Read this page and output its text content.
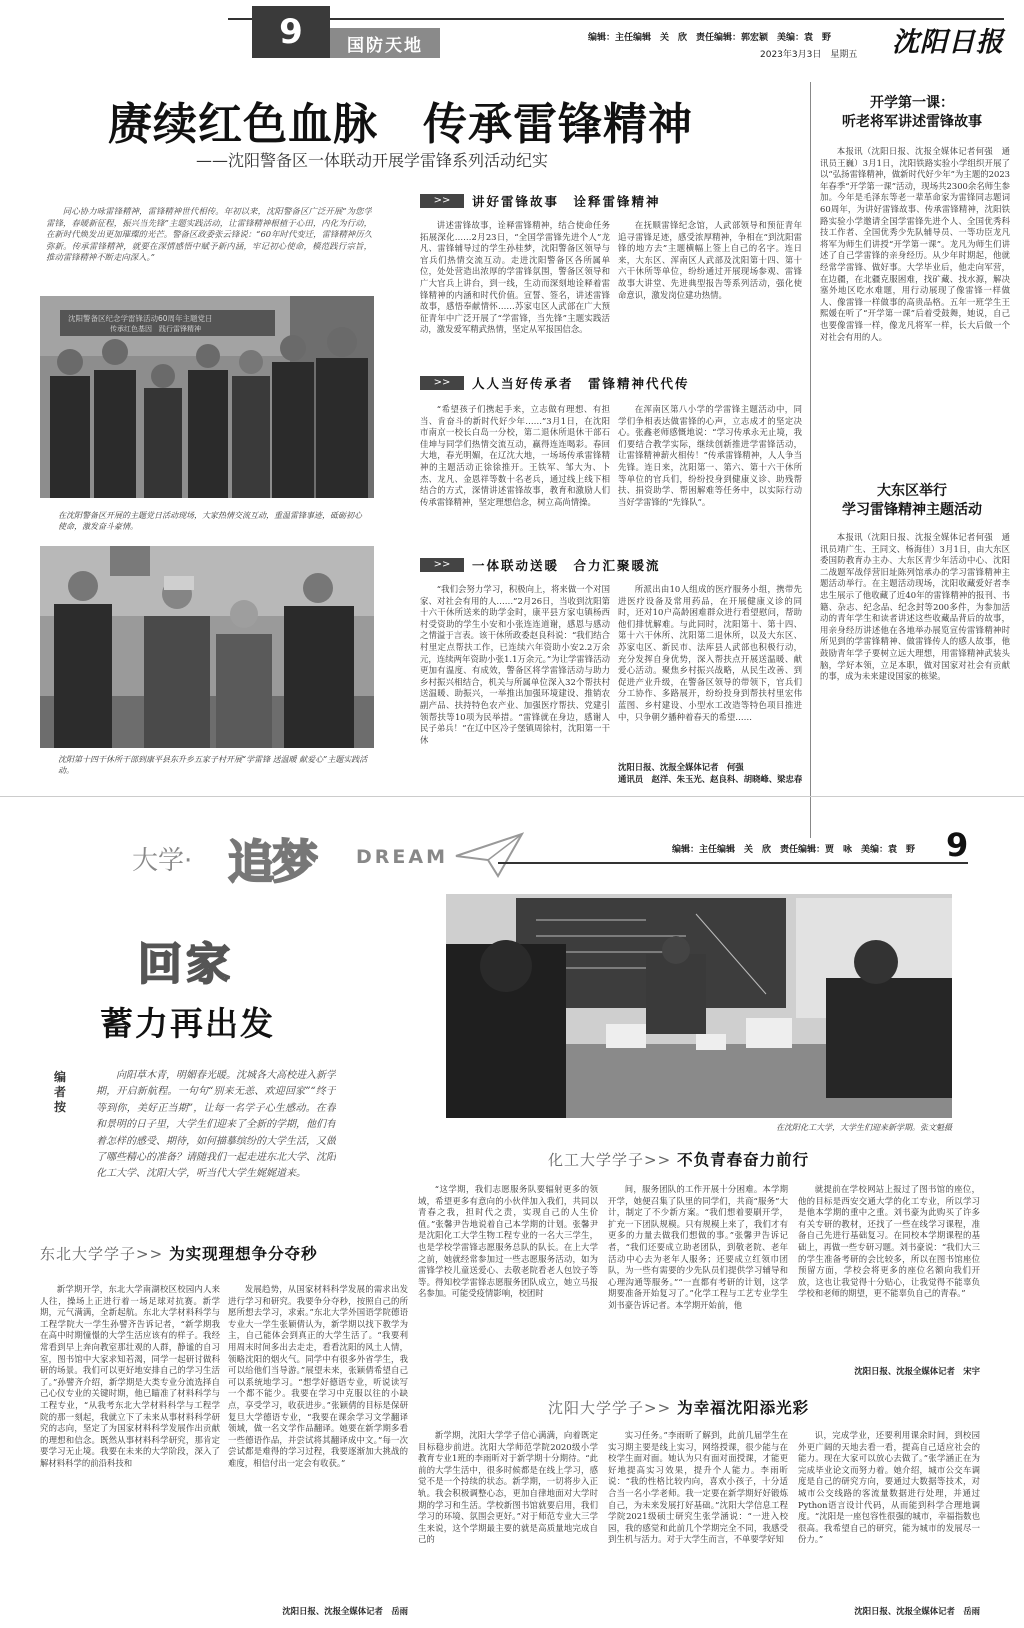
9	国防天地	编辑：主任编辑　关　欣　责任编辑：郭宏颖　美编：袁　野
2023年3月3日　星期五 沈阳日报
赓续红色血脉　传承雷锋精神
——沈阳警备区一体联动开展学雷锋系列活动纪实

同心协力咏雷锋精神，雷锋精神世代相传。年初以来，沈阳警备区广泛开展“为您学雷锋，春暖新征程，振兴当先锋”主题实践活动，让雷锋精神根植于心田，内化为行动，在新时代焕发出更加璀璨的光芒。警备区政委张云锋说：“60年时代变迁，雷锋精神历久弥新。传承雷锋精神，就要在深情感悟中赋予新内涵，牢记初心使命，模范践行宗旨，推动雷锋精神不断走向深入。”

沈阳警备区纪念学雷锋活动60周年主题党日
传承红色基因　践行雷锋精神
在沈阳警备区开展的主题党日活动现场，大家热情交流互动，重温雷锋事迹，砥砺初心使命，激发奋斗豪情。
沈阳第十四干休所干部到康平县东升乡五家子村开展“学雷锋 送温暖 献爱心”主题实践活动。
>>	讲好雷锋故事　诠释雷锋精神

讲述雷锋故事，诠释雷锋精神，结合使命任务拓展深化……2月23日，“全国学雷锋先进个人”龙凡、雷锋辅导过的学生孙桂梦，沈阳警备区领导与官兵们热情交流互动。走进沈阳警备区各所属单位，处处营造出浓厚的学雷锋氛围，警备区领导和广大官兵上讲台，到一线，生动而深刻地诠释着雷锋精神的内涵和时代价值。宣誓、签名，讲述雷锋故事，感悟奉献情怀……苏家屯区人武部在广大预征青年中广泛开展了“学雷锋，当先锋”主题实践活动，激发爱军精武热情，坚定从军报国信念。

在抚顺雷锋纪念馆，人武部领导和预征青年追寻雷锋足迹，感受浓厚精神，争相在“到沈阳雷锋的地方去”主题横幅上签上自己的名字。连日来，大东区、浑南区人武部及沈阳第十四、第十六干休所等单位，纷纷通过开展现场参观、雷锋故事大讲堂、先进典型报告等系列活动，强化使命意识，激发岗位建功热情。

>>	人人当好传承者　雷锋精神代代传

“希望孩子们携起手来，立志做有理想、有担当、肯奋斗的新时代好少年……”3月1日，在沈阳市南京一校长白岛一分校，第二退休所退休干部石佳坤与同学们热情交流互动，赢得连连喝彩。春回大地，春光明媚，在辽沈大地，一场场传承雷锋精神的主题活动正徐徐推开。王铁军、邹大为、卜杰、龙凡、金恩祥等数十名老兵，通过线上线下相结合的方式，深情讲述雷锋故事，教育和激励人们传承雷锋精神，坚定理想信念，树立高尚情操。

在浑南区第八小学的学雷锋主题活动中，同学们争相表达做雷锋的心声，立志成才的坚定决心。张鑫老师感慨地说：“学习传承永无止境，我们要结合教学实际，继续创新推进学雷锋活动，让雷锋精神薪火相传！”传承雷锋精神，人人争当先锋。连日来，沈阳第一、第六、第十六干休所等单位的官兵们，纷纷投身到健康义诊、助残帮扶、捐资助学、帮困解难等任务中，以实际行动当好学雷锋的“先锋队”。

>>	一体联动送暖　合力汇聚暖流

“我们会努力学习，积极向上，将来做一个对国家、对社会有用的人……”2月26日，当收到沈阳第十六干休所送来的助学金时，康平县方家屯镇杨西村受资助的学生小安和小张连连道谢，感恩与感动之情溢于言表。该干休所政委赵良科说：“我们结合村里定点帮扶工作，已连续六年资助小安2.2万余元，连续两年资助小张1.1万余元。”为让学雷锋活动更加有温度、有成效，警备区将学雷锋活动与助力乡村振兴相结合，机关与所属单位深入32个帮扶村送温暖、助振兴，一举推出加强环境建设、推销农副产品、扶持特色农产业、加强医疗帮扶、党建引领帮扶等10项为民举措。“雷锋就在身边，感谢人民子弟兵！”在辽中区冷子堡镇周徐村，沈阳第一干休

所派出由10人组成的医疗服务小组，携带先进医疗设备及常用药品，在开展健康义诊的同时，还对10户高龄困难群众进行看望慰问，帮助他们排忧解难。与此同时，沈阳第十、第十四、第十六干休所、沈阳第二退休所，以及大东区、苏家屯区、新民市、法库县人武部也积极行动，充分发挥自身优势，深入帮扶点开展送温暖、献爱心活动。聚焦乡村振兴战略，从民生改善、到促进产业升级，在警备区领导的带领下，官兵们分工协作、多路展开，纷纷投身到帮扶村里宏伟蓝图、乡村建设、小型水工改造等特色项目推进中，只争朝夕播种着春天的希望……

沈阳日报、沈报全媒体记者　何强
通讯员　赵洋、朱玉光、赵良科、胡晓峰、梁忠春
开学第一课：
听老将军讲述雷锋故事

本报讯（沈阳日报、沈报全媒体记者何强　通讯员王巍）3月1日，沈阳铁路实验小学组织开展了以“弘扬雷锋精神，做新时代好少年”为主题的2023年春季“开学第一课”活动，现场共2300余名师生参加。今年是毛泽东等老一辈革命家为雷锋同志题词60周年，为讲好雷锋故事、传承雷锋精神，沈阳铁路实验小学邀请全国学雷锋先进个人、全国优秀科技工作者、全国优秀少先队辅导员、一等功臣龙凡将军为师生们讲授“开学第一课”。龙凡为师生们讲述了自己学雷锋的亲身经历。从少年时期起，他就经常学雷锋、做好事。大学毕业后，他走向军营，在边疆，在北疆克服困难，找矿藏、找水源，解决塞外地区吃水难题，用行动展现了像雷锋一样做人、像雷锋一样做事的高贵品格。五年一班学生王熙媛在听了“开学第一课”后着受鼓舞，她说，自己也要像雷锋一样，像龙凡将军一样，长大后做一个对社会有用的人。

大东区举行
学习雷锋精神主题活动

本报讯（沈阳日报、沈报全媒体记者何强　通讯员靖广生、王同文、杨海佳）3月1日，由大东区委国防教育办主办、大东区青少年活动中心、沈阳二战题军战俘营旧址陈列馆承办的学习雷锋精神主题活动举行。在主题活动现场，沈阳收藏爱好者李忠生展示了他收藏了近40年的雷锋精神的报刊、书籍、杂志、纪念品、纪念封等200多件，为参加活动的青年学生和读者讲述这些收藏品背后的故事，用亲身经历讲述他在各地举办展览宣传雷锋精神时所见到的学雷锋精神、做雷锋传人的感人故事，他鼓励青年学子要树立远大理想，用雷锋精神武装头脑，学好本领，立足本职，做对国家对社会有贡献的事，成为未来建设国家的栋梁。

大学· 追梦 DREAM	编辑：主任编辑　关　欣　责任编辑：贾　咏　美编：袁　野 9
回家
蓄力再出发
编者按

向阳草木青，明媚春光暖。沈城各大高校进入新学期，开启新航程。一句句“别来无恙、欢迎回家”“终于等到你，美好正当期”，让每一名学子心生感动。在春和景明的日子里，大学生们迎来了全新的学期，他们有着怎样的感受、期待，如何描摹缤纷的大学生活，又做了哪些精心的准备？请随我们一起走进东北大学、沈阳化工大学、沈阳大学，听当代大学生娓娓道来。

在沈阳化工大学，大学生们迎来新学期。张文魁摄
化工大学学子>> 不负青春奋力前行

“这学期，我们志愿服务队要辐射更多的领域，希望更多有意向的小伙伴加入我们，共同以青春之我，担时代之责，实现自己的人生价值。”张馨尹告地说着自己本学期的计划。张馨尹是沈阳化工大学生物工程专业的一名大三学生，也是学校学雷锋志愿服务总队的队长。在上大学之前，她就经常参加过一些志愿服务活动，如为雷锋学校儿童送爱心、去敬老院看老人包饺子等等。得知校学雷锋志愿服务团队成立，她立马报名参加。可能受疫情影响，校团时

间，服务团队的工作开展十分困难。本学期开学，她便召集了队里的同学们，共商“服务”大计，制定了不少新方案。“我们想着要刷开学，扩充一下团队规模。只有规模上来了，我们才有更多的力量去做我们想做的事。”张馨尹告诉记者，“我们还要成立助老团队，到敬老院、老年活动中心去为老年人服务；还要成立红领巾团队，为一些有需要的少先队员们提供学习辅导和心理沟通等服务。”“一直都有考研的计划，这学期要准备开始复习了。”化学工程与工艺专业学生刘书豪告诉记者。本学期开始前，他

就提前在学校网站上报过了图书馆的座位，他的目标是西安交通大学的化工专业，所以学习是他本学期的重中之重。刘书豪为此购买了许多有关专研的教材，还找了一些在线学习课程，准备自己先进行基础复习。在同校本学期课程的基础上，再做一些专研习题。刘书豪说：“我们大三的学生准备考研的会比较多，所以在图书馆座位预留方面，学校会将更多的座位名额向我们开放，这也让我觉得十分贴心，让我觉得不能辜负学校和老师的期望，更不能辜负自己的青春。”

沈阳日报、沈报全媒体记者　宋宇
东北大学学子>> 为实现理想争分夺秒

新学期开学，东北大学南湖校区校园内人来人往，操场上正进行着一场足球对抗赛。新学期，元气满满，全新起航。东北大学材料科学与工程学院大一学生孙譬齐告诉记者，“新学期我在高中时期憧憬的大学生活应该有的样子。我经常看到早上奔向教室那壮观的人群，静谧的自习室，图书馆中大家求知若渴，同学一起研讨做科研的场景。我们可以更好地安排自己的学习生活了。”孙譬齐介绍，新学期是大类专业分流选择自己心仪专业的关键时期，他已瞄准了材料科学与工程专业，“从我考东北大学材料科学与工程学院的那一刻起，我就立下了未来从事材料科学研究的志向，坚定了为国家材料科学发展作出贡献的理想和信念。既然从事材料科学研究，那肯定要学习无止境。我要在未来的大学阶段，深入了解材料科学的前沿科技和

发展趋势，从国家材料科学发展的需求出发进行学习和研究。我要争分夺秒，按照自己的所愿所想去学习，求索。”东北大学外国语学院德语专业大一学生张颖倩认为，新学期以找下教学为主，自己能体会到真正的大学生活了。“我要利用周末时间多出去走走，看看沈阳的风土人情，领略沈阳的烟火气。同学中有很多外省学生，我可以给他们当导游。”展望未来，张颖倩希望自己可以系统地学习。“想学好德语专业，听说读写一个都不能少。我要在学习中克服以往的小缺点，享受学习，收获进步。”张颖倩的目标是保研复旦大学德语专业，“我要在课余学习文学翻译领域，做一名文学作品翻译。她要在新学期多看一些德语作品，并尝试将其翻译成中文。”每一次尝试都是难得的学习过程，我要逐渐加大挑战的难度，相信付出一定会有收获。”

沈阳日报、沈报全媒体记者　岳雨
沈阳大学学子>> 为幸福沈阳添光彩

新学期，沈阳大学学子信心满满，向着既定目标稳步前进。沈阳大学师范学院2020级小学教育专业1班的李雨昕对于新学期十分期待。“此前的大学生活中，很多时候都是在线上学习，感觉不是一个持续的状态。新学期，一切将步入正轨。我会积极调整心态，更加自律地面对大学时期的学习和生活。学校新图书馆就要启用，我们学习的环境、氛围会更好。”对于师范专业大三学生来说，这个学期最主要的就是高质量地完成自己的

实习任务。”李雨昕了解到，此前几届学生在实习期主要是线上实习，网络授课，很少能与在校学生面对面。她认为只有面对面授课，才能更好地提高实习效果，提升个人能力。李雨昕说：“我的性格比较内向，喜欢小孩子，十分适合当一名小学老师。我一定要在新学期好好锻炼自己，为未来发展打好基础。”沈阳大学信息工程学院2021级硕士研究生张学涵说：“一进入校园，我的感觉和此前几个学期完全不同，我感受到生机与活力。对于大学生而言，不单要学好知

识，完成学业，还要利用课余时间，到校园外更广阔的天地去看一看，提高自己适应社会的能力。现在大家可以放心去做了。”张学涵正在为完成毕业论文而努力着。她介绍，城市公交车调度是自己的研究方向，要通过大数据等技术，对城市公交线路的客流量数据进行处理，并通过Python语言设计代码，从而能到科学合理地调度。“沈阳是一座包容性很强的城市，幸福指数也很高。我希望自己的研究，能为城市的发展尽一份力。”

沈阳日报、沈报全媒体记者　岳雨
